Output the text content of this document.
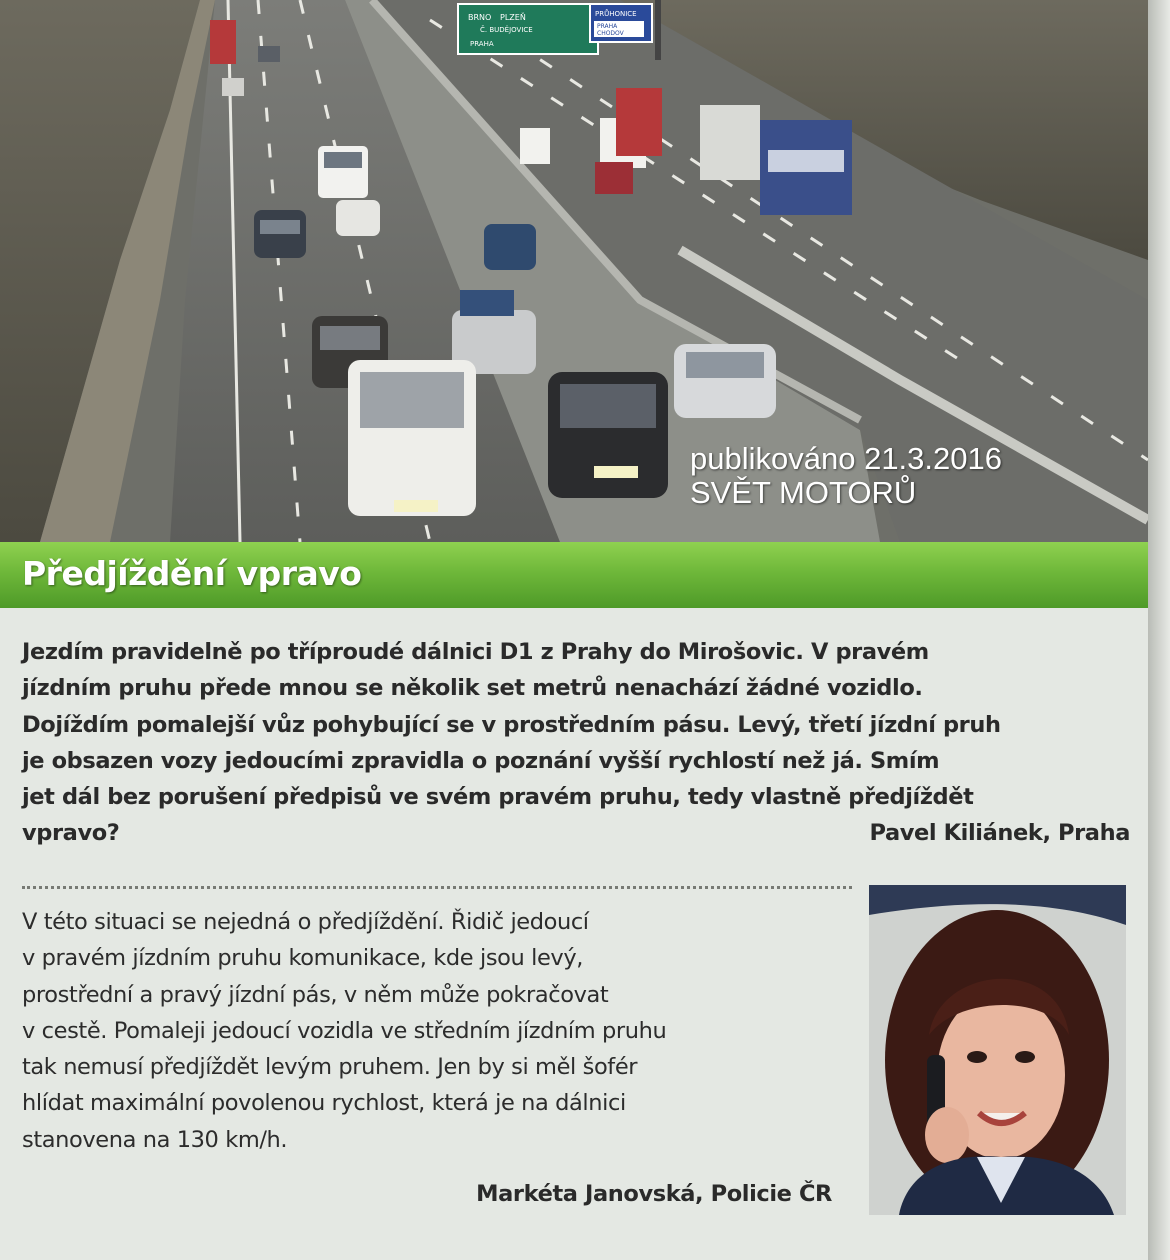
BRNO PLZEŇ
Č. BUDĚJOVICE
PRŮHONICE
PRAHA
CHODOV
PRAHA
publikováno 21.3.2016
SVĚT MOTORŮ
Předjíždění vpravo
Jezdím pravidelně po tříproudé dálnici D1 z Prahy do Mirošovic. V pravém
jízdním pruhu přede mnou se několik set metrů nenachází žádné vozidlo.
Dojíždím pomalejší vůz pohybující se v prostředním pásu. Levý, třetí jízdní pruh
je obsazen vozy jedoucími zpravidla o poznání vyšší rychlostí než já. Smím
jet dál bez porušení předpisů ve svém pravém pruhu, tedy vlastně předjíždět
vpravo?	Pavel Kiliánek, Praha
V této situaci se nejedná o předjíždění. Řidič jedoucí
v pravém jízdním pruhu komunikace, kde jsou levý,
prostřední a pravý jízdní pás, v něm může pokračovat
v cestě. Pomaleji jedoucí vozidla ve středním jízdním pruhu
tak nemusí předjíždět levým pruhem. Jen by si měl šofér
hlídat maximální povolenou rychlost, která je na dálnici
stanovena na 130 km/h.
Markéta Janovská, Policie ČR
